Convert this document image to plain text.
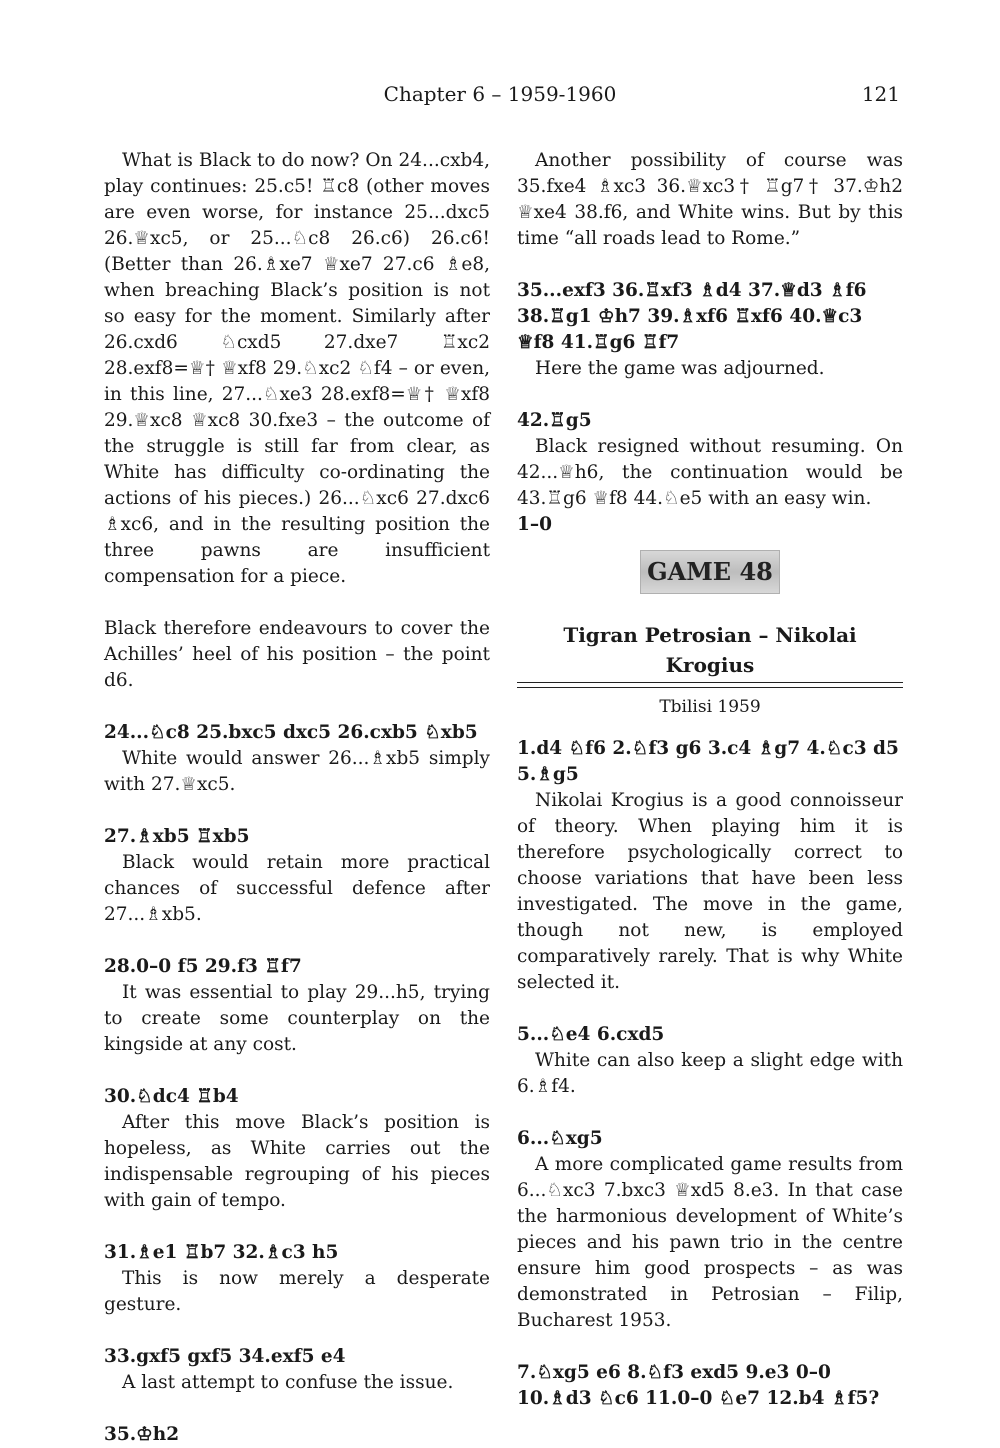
Chapter 6 – 1959-1960	121

What is Black to do now? On 24...cxb4, play continues: 25.c5! ♖c8 (other moves are even worse, for instance 25...dxc5 26.♕xc5, or 25...♘c8 26.c6) 26.c6! (Better than 26.♗xe7 ♕xe7 27.c6 ♗e8, when breaching Black’s position is not so easy for the moment. Similarly after 26.cxd6 ♘cxd5 27.dxe7 ♖xc2 28.exf8=♕† ♕xf8 29.♘xc2 ♘f4 – or even, in this line, 27...♘xe3 28.exf8=♕† ♕xf8 29.♕xc8 ♕xc8 30.fxe3 – the outcome of the struggle is still far from clear, as White has difficulty co-ordinating the actions of his pieces.) 26...♘xc6 27.dxc6 ♗xc6, and in the resulting position the three pawns are insufficient compensation for a piece.

Black therefore endeavours to cover the Achilles’ heel of his position – the point d6.

24...♘c8 25.bxc5 dxc5 26.cxb5 ♘xb5

White would answer 26...♗xb5 simply with 27.♕xc5.

27.♗xb5 ♖xb5

Black would retain more practical chances of successful defence after 27...♗xb5.

28.0–0 f5 29.f3 ♖f7

It was essential to play 29...h5, trying to create some counterplay on the kingside at any cost.

30.♘dc4 ♖b4

After this move Black’s position is hopeless, as White carries out the indispensable regrouping of his pieces with gain of tempo.

31.♗e1 ♖b7 32.♗c3 h5

This is now merely a desperate gesture.

33.gxf5 gxf5 34.exf5 e4

A last attempt to confuse the issue.

35.♔h2

Another possibility of course was 35.fxe4 ♗xc3 36.♕xc3† ♖g7† 37.♔h2 ♕xe4 38.f6, and White wins. But by this time “all roads lead to Rome.”

35...exf3 36.♖xf3 ♗d4 37.♕d3 ♗f6 38.♖g1 ♔h7 39.♗xf6 ♖xf6 40.♕c3 ♕f8 41.♖g6 ♖f7

Here the game was adjourned.

42.♖g5

Black resigned without resuming. On 42...♕h6, the continuation would be 43.♖g6 ♕f8 44.♘e5 with an easy win.

1–0

GAME 48
Tigran Petrosian – Nikolai Krogius
Tbilisi 1959

1.d4 ♘f6 2.♘f3 g6 3.c4 ♗g7 4.♘c3 d5 5.♗g5

Nikolai Krogius is a good connoisseur of theory. When playing him it is therefore psychologically correct to choose variations that have been less investigated. The move in the game, though not new, is employed comparatively rarely. That is why White selected it.

5...♘e4 6.cxd5

White can also keep a slight edge with 6.♗f4.

6...♘xg5

A more complicated game results from 6...♘xc3 7.bxc3 ♕xd5 8.e3. In that case the harmonious development of White’s pieces and his pawn trio in the centre ensure him good prospects – as was demonstrated in Petrosian – Filip, Bucharest 1953.

7.♘xg5 e6 8.♘f3 exd5 9.e3 0–0 10.♗d3 ♘c6 11.0–0 ♘e7 12.b4 ♗f5?
